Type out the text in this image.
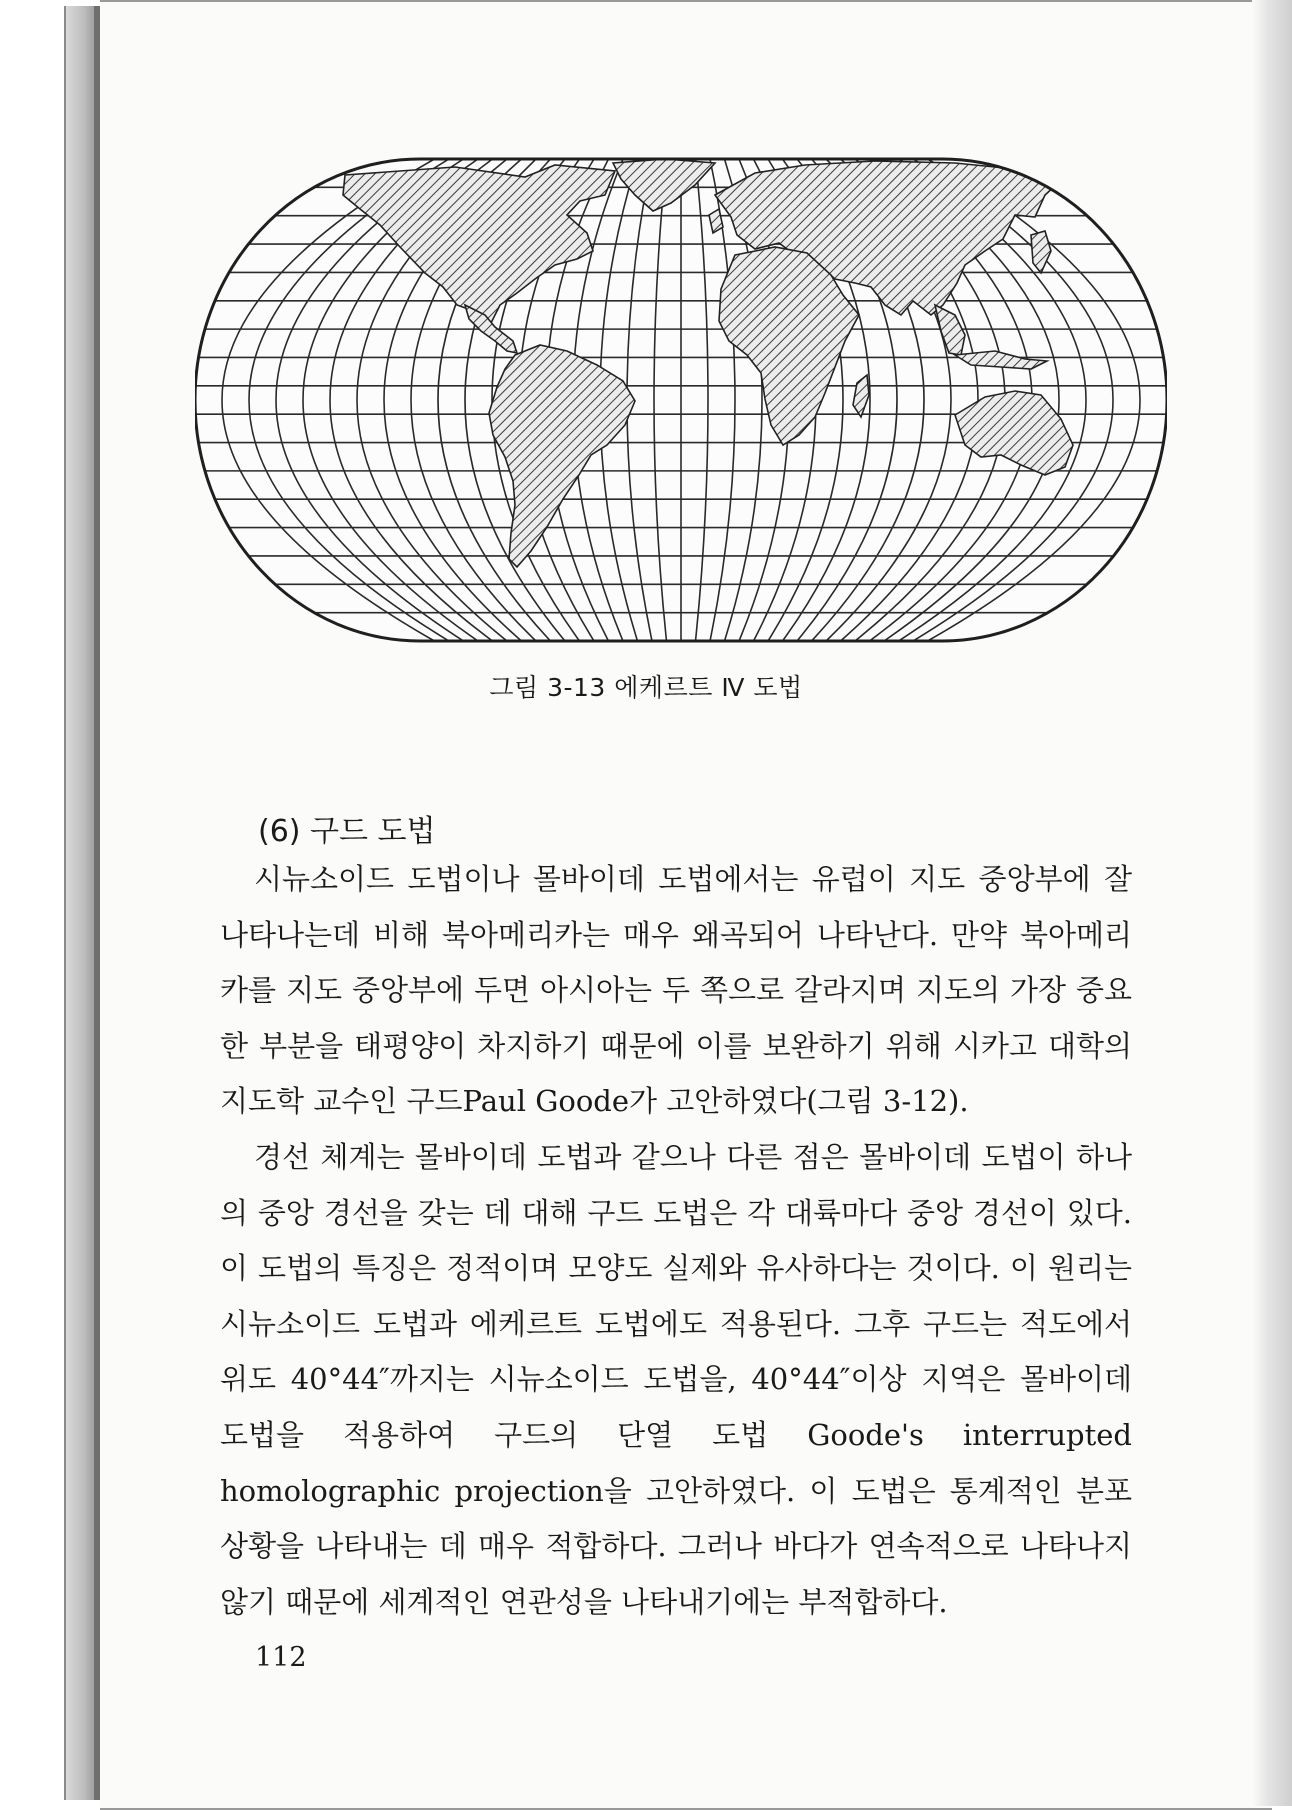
그림 3-13 에케르트 Ⅳ 도법
(6) 구드 도법

시뉴소이드 도법이나 몰바이데 도법에서는 유럽이 지도 중앙부에 잘 나타나는데 비해 북아메리카는 매우 왜곡되어 나타난다. 만약 북아메리카를 지도 중앙부에 두면 아시아는 두 쪽으로 갈라지며 지도의 가장 중요한 부분을 태평양이 차지하기 때문에 이를 보완하기 위해 시카고 대학의 지도학 교수인 구드Paul Goode가 고안하였다(그림 3-12).

경선 체계는 몰바이데 도법과 같으나 다른 점은 몰바이데 도법이 하나의 중앙 경선을 갖는 데 대해 구드 도법은 각 대륙마다 중앙 경선이 있다. 이 도법의 특징은 정적이며 모양도 실제와 유사하다는 것이다. 이 원리는 시뉴소이드 도법과 에케르트 도법에도 적용된다. 그후 구드는 적도에서 위도 40°44″까지는 시뉴소이드 도법을, 40°44″이상 지역은 몰바이데 도법을 적용하여 구드의 단열 도법 Goode's interrupted homolographic projection을 고안하였다. 이 도법은 통계적인 분포 상황을 나타내는 데 매우 적합하다. 그러나 바다가 연속적으로 나타나지 않기 때문에 세계적인 연관성을 나타내기에는 부적합하다.

112
